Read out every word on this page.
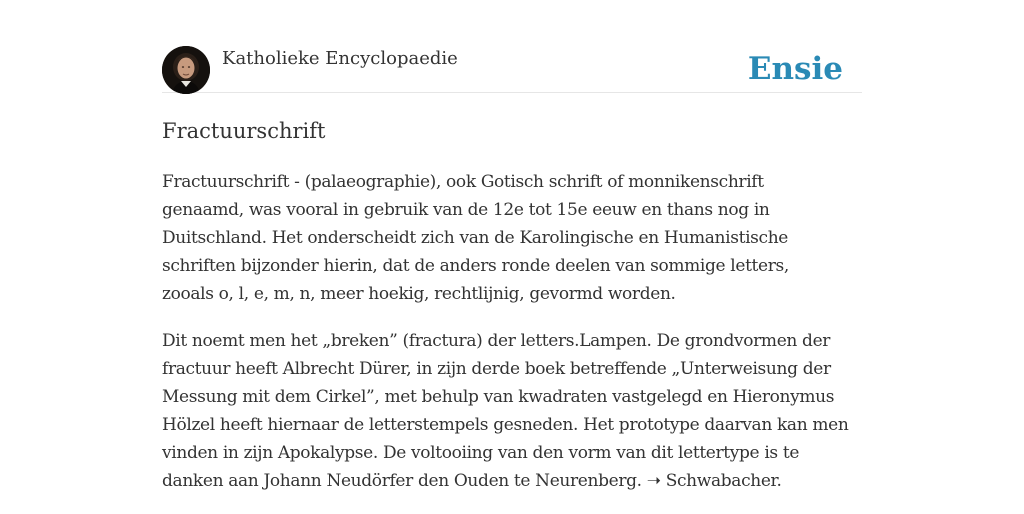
Katholieke Encyclopaedie	Ensie
Fractuurschrift

Fractuurschrift - (palaeographie), ook Gotisch schrift of monnikenschrift genaamd, was vooral in gebruik van de 12e tot 15e eeuw en thans nog in Duitschland. Het onderscheidt zich van de Karolingische en Humanistische schriften bijzonder hierin, dat de anders ronde deelen van sommige letters, zooals o, l, e, m, n, meer hoekig, rechtlijnig, gevormd worden.

Dit noemt men het „breken” (fractura) der letters.Lampen. De grondvormen der fractuur heeft Albrecht Dürer, in zijn derde boek betreffende „Unterweisung der Messung mit dem Cirkel”, met behulp van kwadraten vastgelegd en Hieronymus Hölzel heeft hiernaar de letterstempels gesneden. Het prototype daarvan kan men vinden in zijn Apokalypse. De voltooiing van den vorm van dit lettertype is te danken aan Johann Neudörfer den Ouden te Neurenberg. ➝ Schwabacher.
